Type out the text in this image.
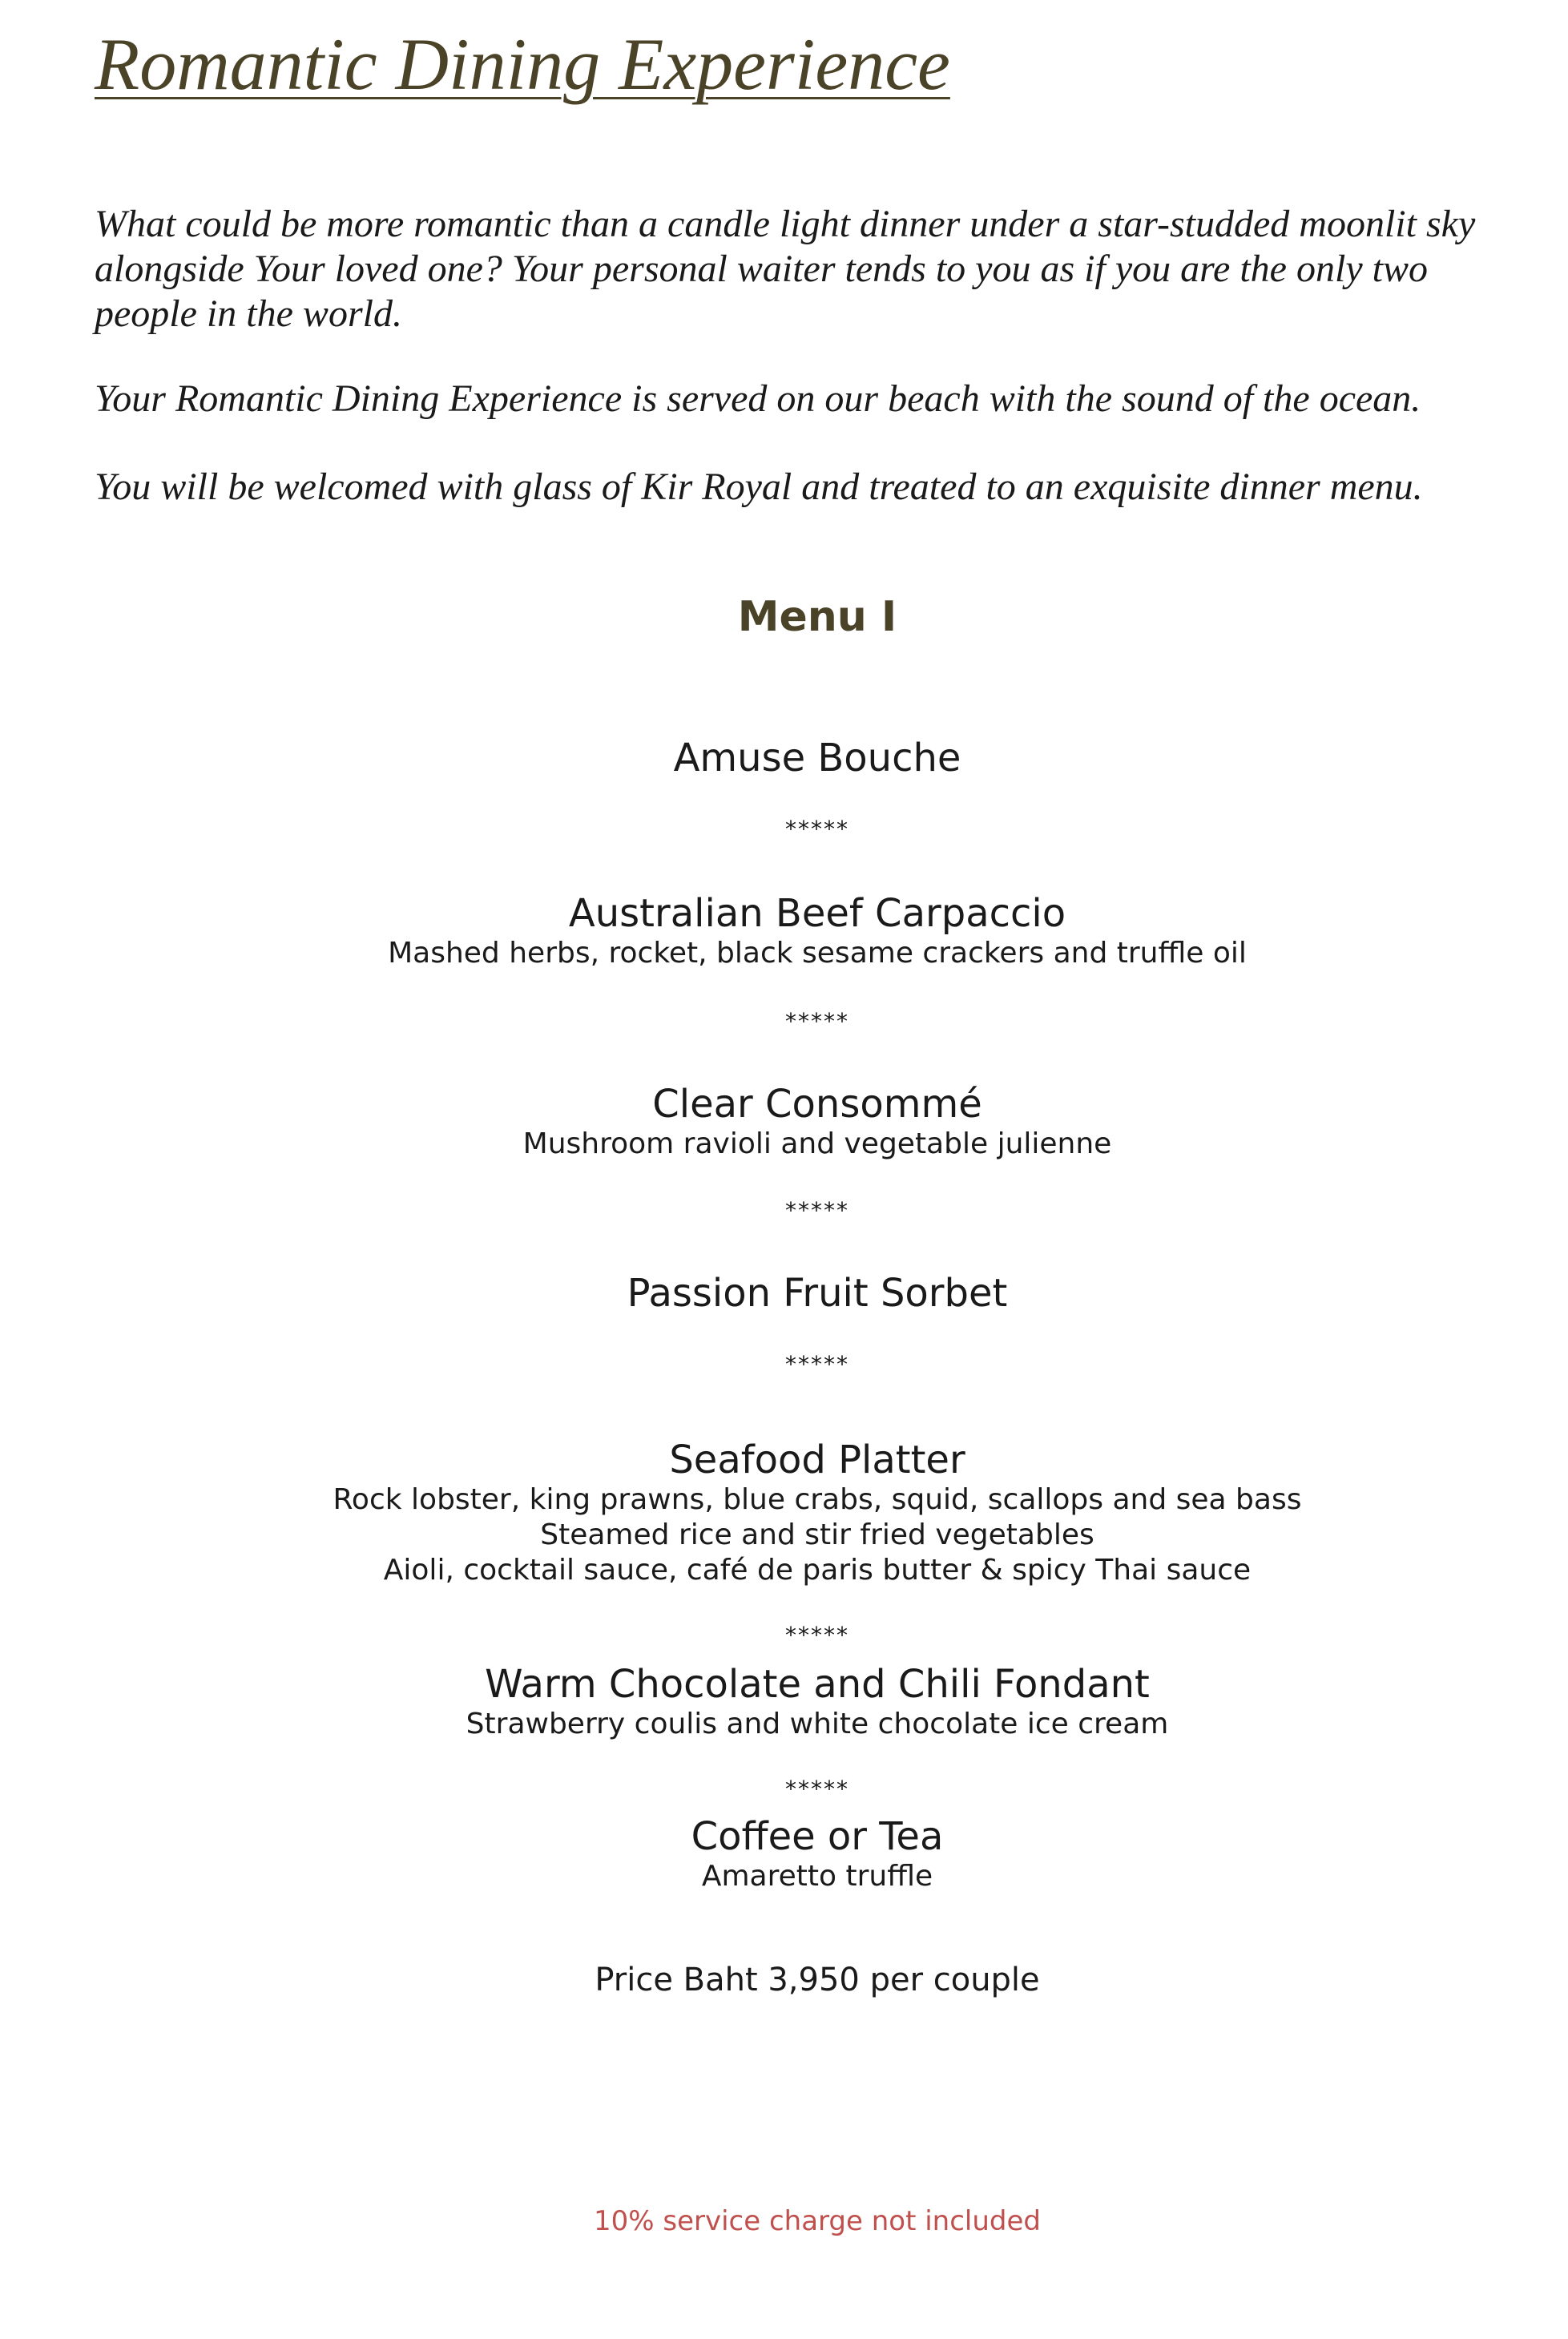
Romantic Dining Experience

What could be more romantic than a candle light dinner under a star-studded moonlit sky alongside Your loved one? Your personal waiter tends to you as if you are the only two people in the world.

Your Romantic Dining Experience is served on our beach with the sound of the ocean.

You will be welcomed with glass of Kir Royal and treated to an exquisite dinner menu.

Menu I
Amuse Bouche
*****
Australian Beef Carpaccio
Mashed herbs, rocket, black sesame crackers and truffle oil
*****
Clear Consommé
Mushroom ravioli and vegetable julienne
*****
Passion Fruit Sorbet
*****
Seafood Platter
Rock lobster, king prawns, blue crabs, squid, scallops and sea bass
Steamed rice and stir fried vegetables
Aioli, cocktail sauce, café de paris butter & spicy Thai sauce
*****
Warm Chocolate and Chili Fondant
Strawberry coulis and white chocolate ice cream
*****
Coffee or Tea
Amaretto truffle
Price Baht 3,950 per couple
10% service charge not included
